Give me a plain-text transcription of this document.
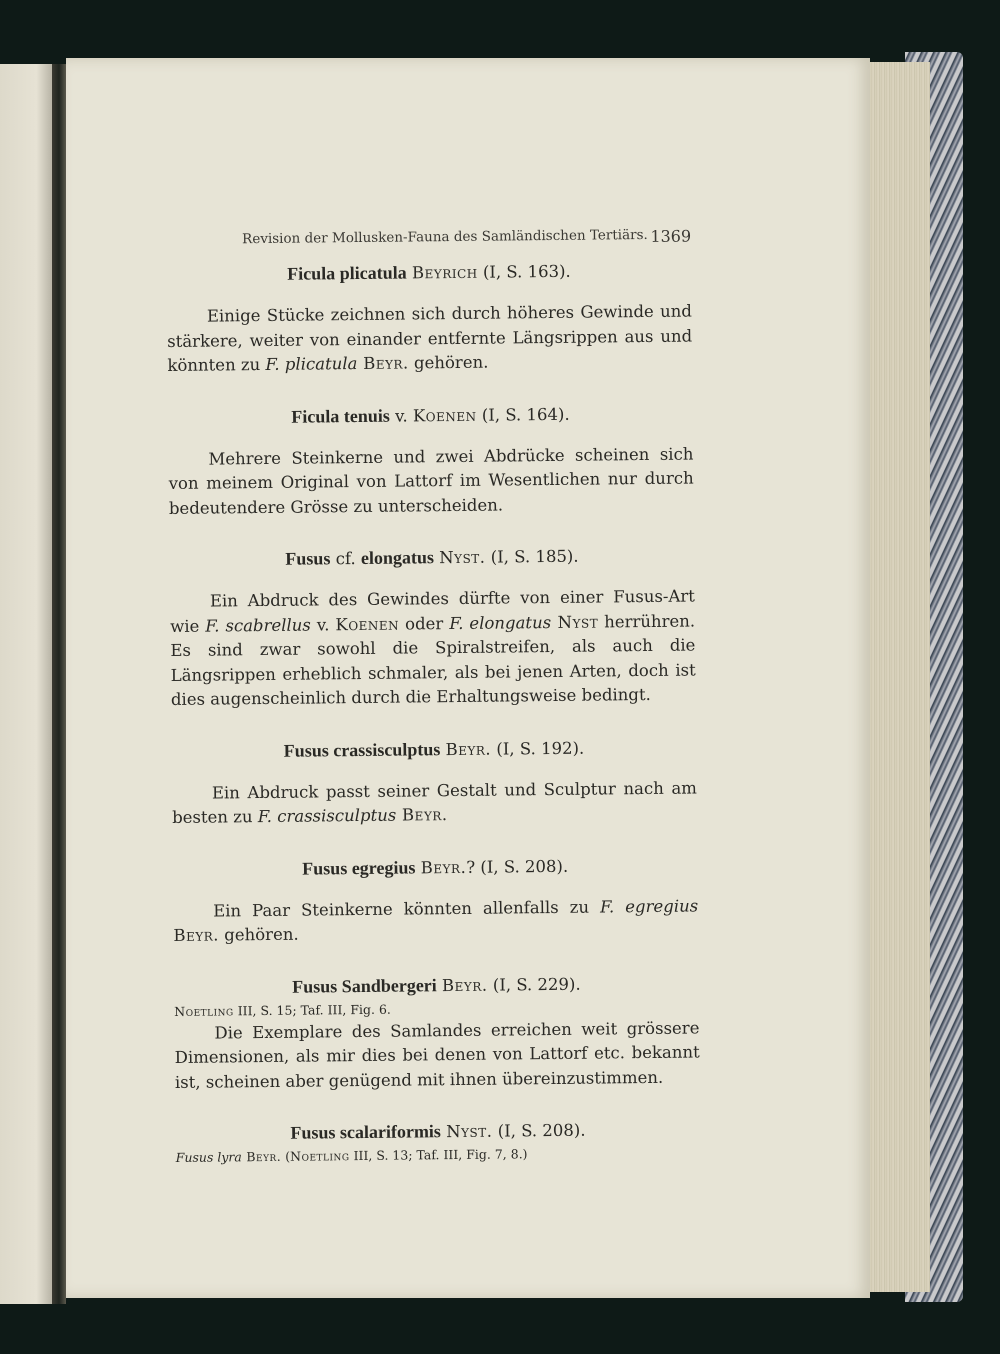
Revision der Mollusken-Fauna des Samländischen Tertiärs. 1369
Ficula plicatula Beyrich (I, S. 163).

Einige Stücke zeichnen sich durch höheres Gewinde und stärkere, weiter von einander entfernte Längsrippen aus und könnten zu F. plicatula Beyr. gehören.

Ficula tenuis v. Koenen (I, S. 164).

Mehrere Steinkerne und zwei Abdrücke scheinen sich von meinem Original von Lattorf im Wesentlichen nur durch bedeutendere Grösse zu unterscheiden.

Fusus cf. elongatus Nyst. (I, S. 185).

Ein Abdruck des Gewindes dürfte von einer Fusus-Art wie F. scabrellus v. Koenen oder F. elongatus Nyst herrühren. Es sind zwar sowohl die Spiralstreifen, als auch die Längsrippen erheblich schmaler, als bei jenen Arten, doch ist dies augenscheinlich durch die Erhaltungsweise bedingt.

Fusus crassisculptus Beyr. (I, S. 192).

Ein Abdruck passt seiner Gestalt und Sculptur nach am besten zu F. crassisculptus Beyr.

Fusus egregius Beyr.? (I, S. 208).

Ein Paar Steinkerne könnten allenfalls zu F. egregius Beyr. gehören.

Fusus Sandbergeri Beyr. (I, S. 229).

Noetling III, S. 15; Taf. III, Fig. 6.

Die Exemplare des Samlandes erreichen weit grössere Dimensionen, als mir dies bei denen von Lattorf etc. bekannt ist, scheinen aber genügend mit ihnen übereinzustimmen.

Fusus scalariformis Nyst. (I, S. 208).

Fusus lyra Beyr. (Noetling III, S. 13; Taf. III, Fig. 7, 8.)
